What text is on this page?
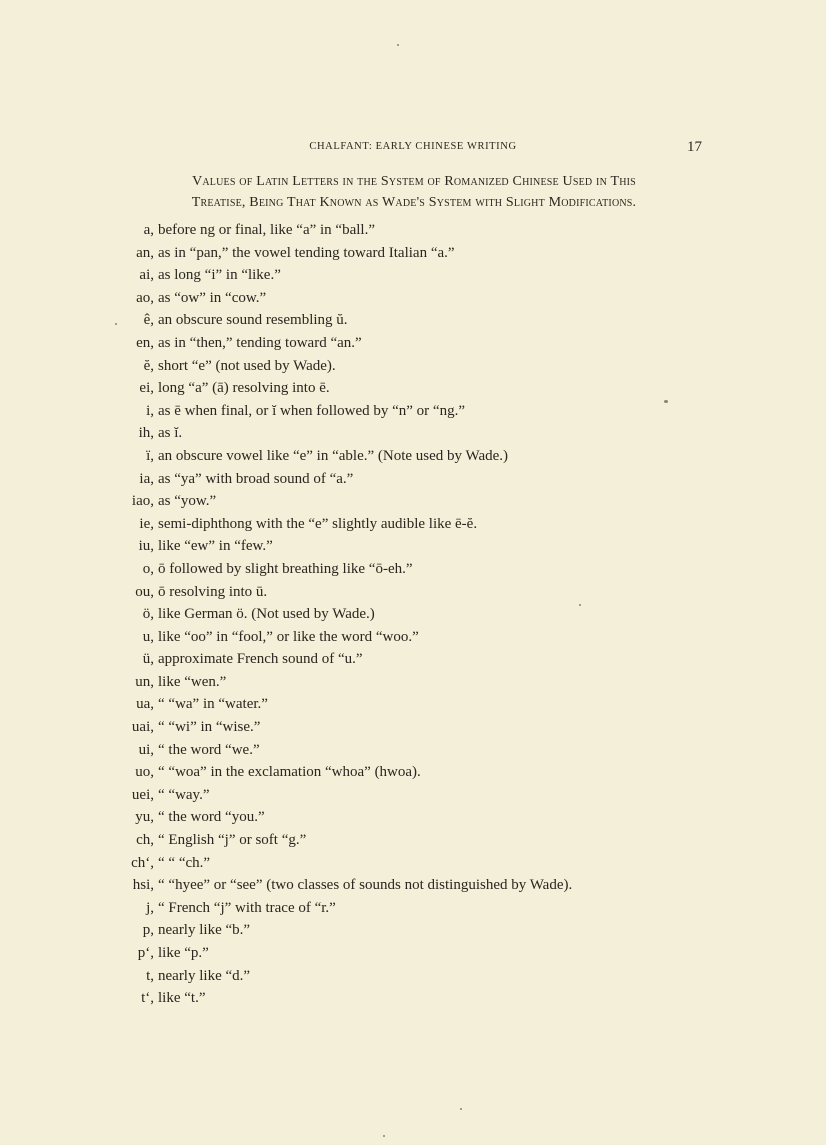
CHALFANT: EARLY CHINESE WRITING	17
Values of Latin Letters in the System of Romanized Chinese Used in This
Treatise, Being That Known as Wade's System with Slight Modifications.
a, before ng or final, like “a” in “ball.”
an, as in “pan,” the vowel tending toward Italian “a.”
ai, as long “i” in “like.”
ao, as “ow” in “cow.”
ê, an obscure sound resembling ŭ.
en, as in “then,” tending toward “an.”
ĕ, short “e” (not used by Wade).
ei, long “a” (ā) resolving into ē.
i, as ē when final, or ĭ when followed by “n” or “ng.”
ih, as ĭ.
ï, an obscure vowel like “e” in “able.” (Note used by Wade.)
ia, as “ya” with broad sound of “a.”
iao, as “yow.”
ie, semi-diphthong with the “e” slightly audible like ē-ĕ.
iu, like “ew” in “few.”
o, ō followed by slight breathing like “ō-eh.”
ou, ō resolving into ū.
ö, like German ö. (Not used by Wade.)
u, like “oo” in “fool,” or like the word “woo.”
ü, approximate French sound of “u.”
un, like “wen.”
ua, “ “wa” in “water.”
uai, “ “wi” in “wise.”
ui, “ the word “we.”
uo, “ “woa” in the exclamation “whoa” (hwoa).
uei, “ “way.”
yu, “ the word “you.”
ch, “ English “j” or soft “g.”
ch‘, “ “ “ch.”
hsi, “ “hyee” or “see” (two classes of sounds not distinguished by Wade).
j, “ French “j” with trace of “r.”
p, nearly like “b.”
p‘, like “p.”
t, nearly like “d.”
t‘, like “t.”
